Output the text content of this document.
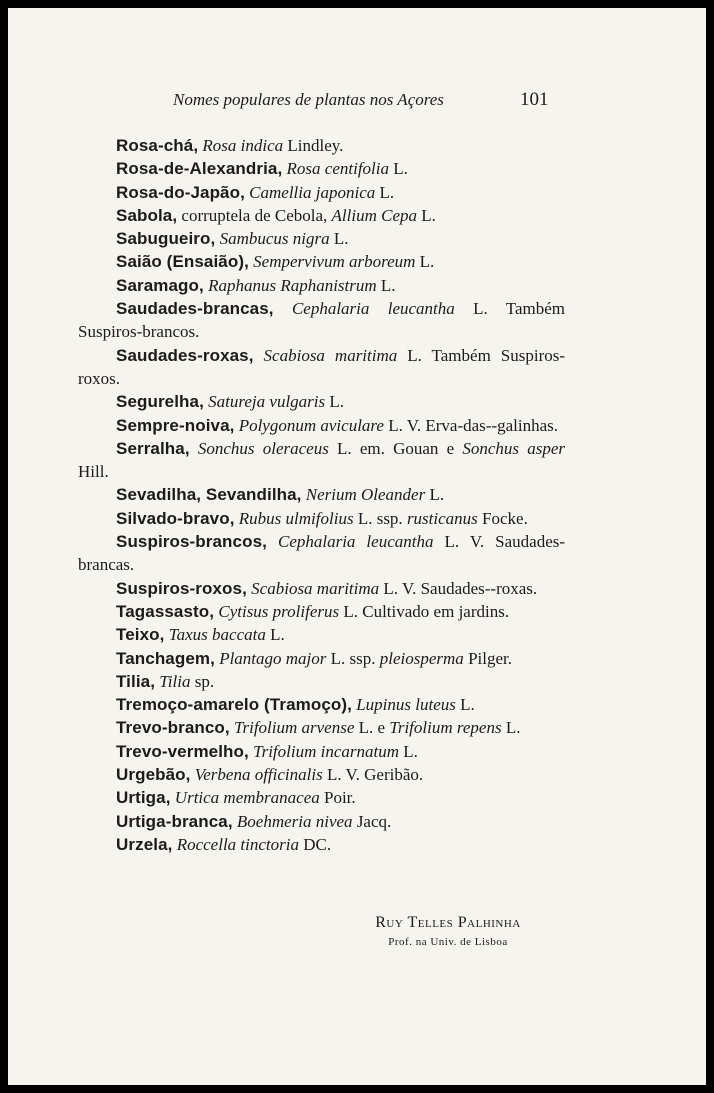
Nomes populares de plantas nos Açores	101
Rosa-chá, Rosa indica Lindley.
Rosa-de-Alexandria, Rosa centifolia L.
Rosa-do-Japão, Camellia japonica L.
Sabola, corruptela de Cebola, Allium Cepa L.
Sabugueiro, Sambucus nigra L.
Saião (Ensaião), Sempervivum arboreum L.
Saramago, Raphanus Raphanistrum L.
Saudades-brancas, Cephalaria leucantha L. Também Suspiros-brancos.
Saudades-roxas, Scabiosa maritima L. Também Suspiros-roxos.
Segurelha, Satureja vulgaris L.
Sempre-noiva, Polygonum aviculare L. V. Erva-das--galinhas.
Serralha, Sonchus oleraceus L. em. Gouan e Sonchus asper Hill.
Sevadilha, Sevandilha, Nerium Oleander L.
Silvado-bravo, Rubus ulmifolius L. ssp. rusticanus Focke.
Suspiros-brancos, Cephalaria leucantha L. V. Saudades-brancas.
Suspiros-roxos, Scabiosa maritima L. V. Saudades--roxas.
Tagassasto, Cytisus proliferus L. Cultivado em jardins.
Teixo, Taxus baccata L.
Tanchagem, Plantago major L. ssp. pleiosperma Pilger.
Tilia, Tilia sp.
Tremoço-amarelo (Tramoço), Lupinus luteus L.
Trevo-branco, Trifolium arvense L. e Trifolium repens L.
Trevo-vermelho, Trifolium incarnatum L.
Urgebão, Verbena officinalis L. V. Geribão.
Urtiga, Urtica membranacea Poir.
Urtiga-branca, Boehmeria nivea Jacq.
Urzela, Roccella tinctoria DC.
Ruy Telles Palhinha
Prof. na Univ. de Lisboa
